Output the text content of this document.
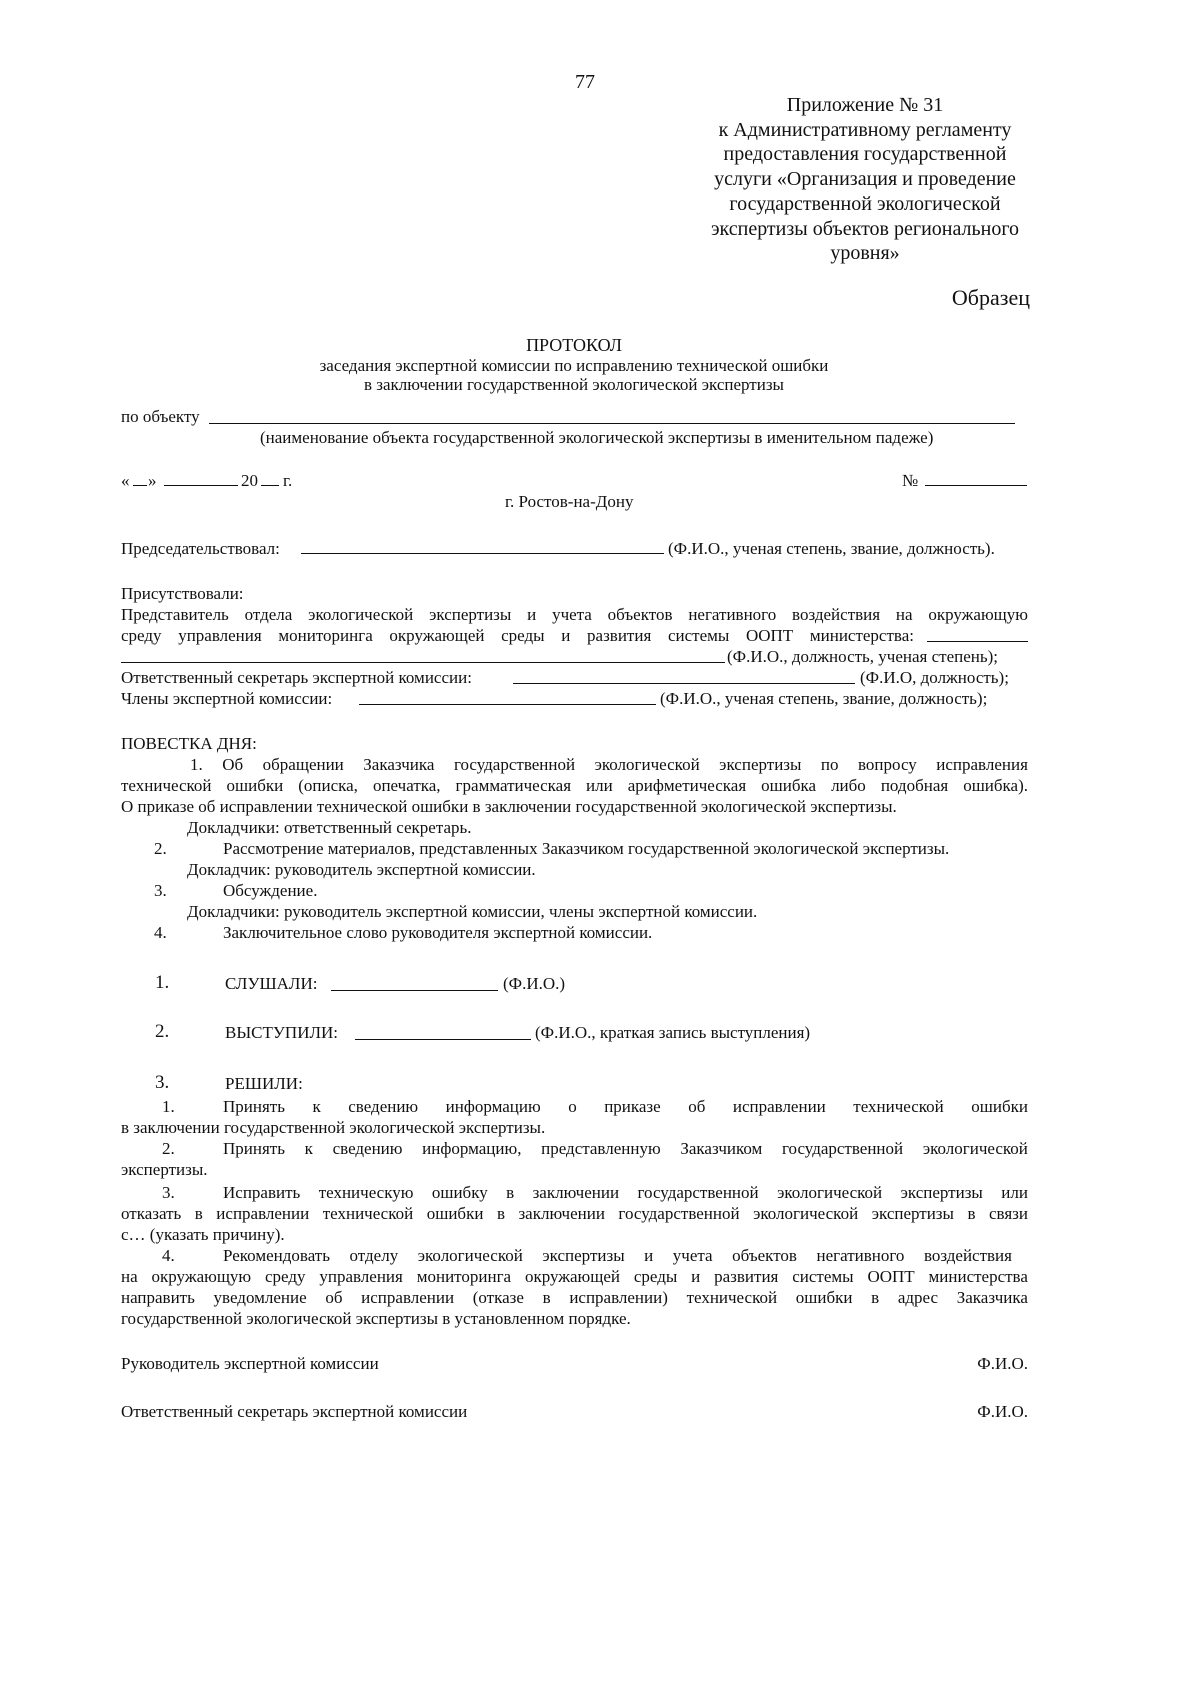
77
Приложение № 31
к Административному регламенту
предоставления государственной
услуги «Организация и проведение
государственной экологической
экспертизы объектов регионального
уровня»
Образец
ПРОТОКОЛ
заседания экспертной комиссии по исправлению технической ошибки
в заключении государственной экологической экспертизы
по объекту
(наименование объекта государственной экологической экспертизы в именительном падеже)
« »	20 г.	№
г. Ростов-на-Дону
Председательствовал:	(Ф.И.О., ученая степень, звание, должность).
Присутствовали:
Представитель отдела экологической экспертизы и учета объектов негативного воздействия на окружающую
среду управления мониторинга окружающей среды и развития системы ООПТ министерства:
(Ф.И.О., должность, ученая степень);
Ответственный секретарь экспертной комиссии:	(Ф.И.О, должность);
Члены экспертной комиссии:	(Ф.И.О., ученая степень, звание, должность);
ПОВЕСТКА ДНЯ:
1. Об обращении Заказчика государственной экологической экспертизы по вопросу исправления
технической ошибки (описка, опечатка, грамматическая или арифметическая ошибка либо подобная ошибка).
О приказе об исправлении технической ошибки в заключении государственной экологической экспертизы.
Докладчики: ответственный секретарь.
2.	Рассмотрение материалов, представленных Заказчиком государственной экологической экспертизы.
Докладчик: руководитель экспертной комиссии.
3.	Обсуждение.
Докладчики: руководитель экспертной комиссии, члены экспертной комиссии.
4.	Заключительное слово руководителя экспертной комиссии.
1.	СЛУШАЛИ:	(Ф.И.О.)
2.	ВЫСТУПИЛИ:	(Ф.И.О., краткая запись выступления)
3.	РЕШИЛИ:
1.	Принять к сведению информацию о приказе об исправлении технической ошибки
в заключении государственной экологической экспертизы.
2.	Принять к сведению информацию, представленную Заказчиком государственной экологической
экспертизы.
3.	Исправить техническую ошибку в заключении государственной экологической экспертизы или
отказать в исправлении технической ошибки в заключении государственной экологической экспертизы в связи
с… (указать причину).
4.	Рекомендовать отделу экологической экспертизы и учета объектов негативного воздействия
на окружающую среду управления мониторинга окружающей среды и развития системы ООПТ министерства
направить уведомление об исправлении (отказе в исправлении) технической ошибки в адрес Заказчика
государственной экологической экспертизы в установленном порядке.
Руководитель экспертной комиссии	Ф.И.О.
Ответственный секретарь экспертной комиссии	Ф.И.О.
